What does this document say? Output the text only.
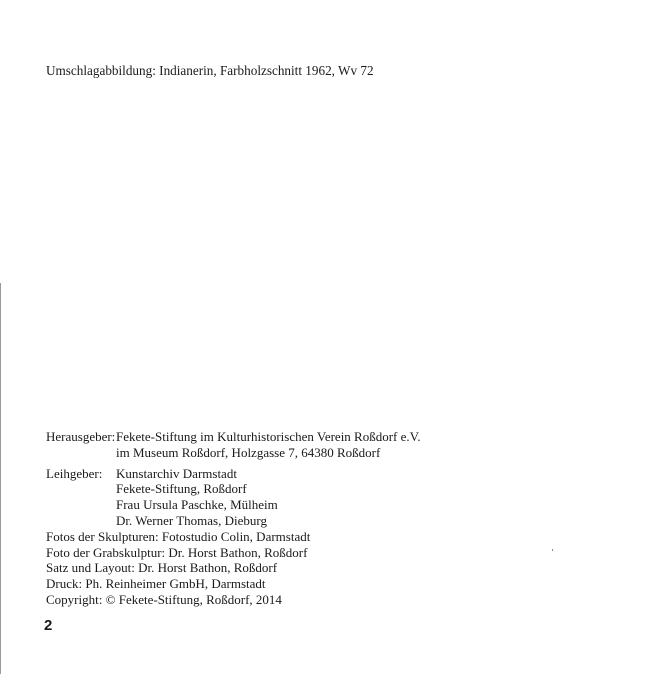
Umschlagabbildung: Indianerin, Farbholzschnitt 1962, Wv 72
Herausgeber: Fekete-Stiftung im Kulturhistorischen Verein Roßdorf e.V.
im Museum Roßdorf, Holzgasse 7, 64380 Roßdorf
Leihgeber:	Kunstarchiv Darmstadt
Fekete-Stiftung, Roßdorf
Frau Ursula Paschke, Mülheim
Dr. Werner Thomas, Dieburg
Fotos der Skulpturen: Fotostudio Colin, Darmstadt
Foto der Grabskulptur: Dr. Horst Bathon, Roßdorf
Satz und Layout: Dr. Horst Bathon, Roßdorf
Druck: Ph. Reinheimer GmbH, Darmstadt
Copyright: © Fekete-Stiftung, Roßdorf, 2014
2
